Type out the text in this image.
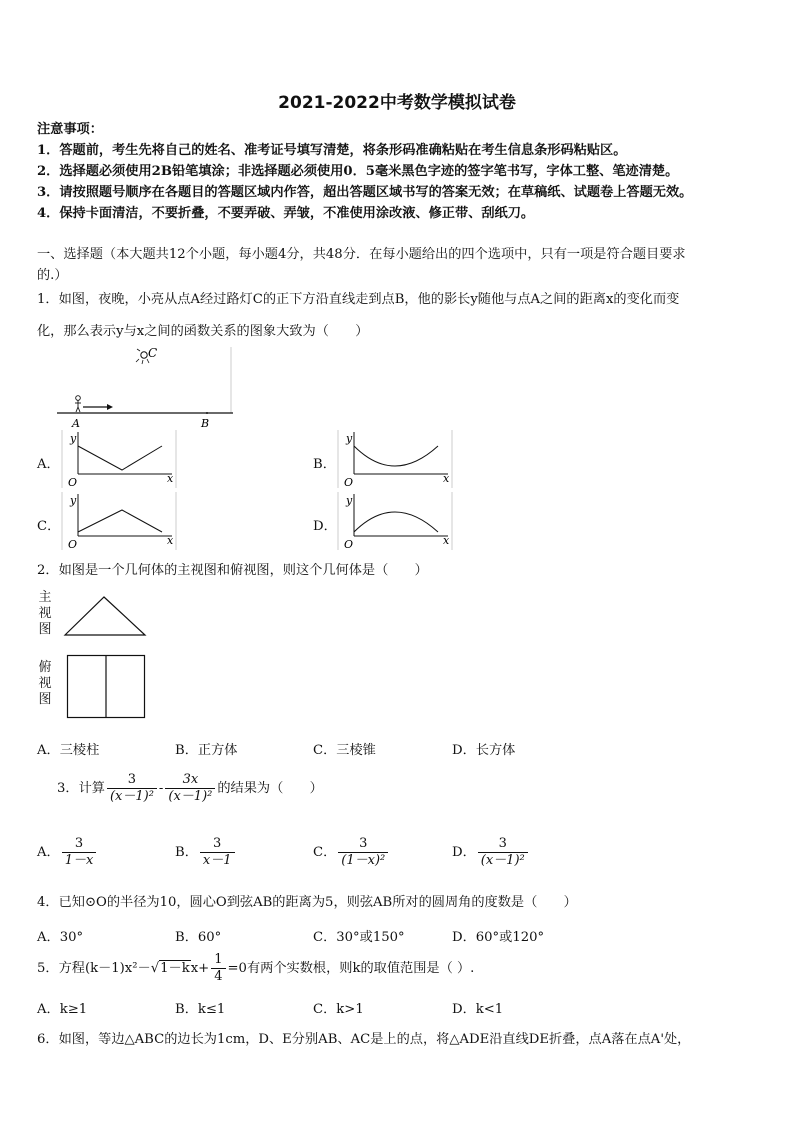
2021-2022中考数学模拟试卷
注意事项：
1．答题前，考生先将自己的姓名、准考证号填写清楚，将条形码准确粘贴在考生信息条形码粘贴区。
2．选择题必须使用2B铅笔填涂；非选择题必须使用0．5毫米黑色字迹的签字笔书写，字体工整、笔迹清楚。
3．请按照题号顺序在各题目的答题区域内作答，超出答题区域书写的答案无效；在草稿纸、试题卷上答题无效。
4．保持卡面清洁，不要折叠，不要弄破、弄皱，不准使用涂改液、修正带、刮纸刀。
一、选择题（本大题共12个小题，每小题4分，共48分．在每小题给出的四个选项中，只有一项是符合题目要求
的.）
1．如图，夜晚，小亮从点A经过路灯C的正下方沿直线走到点B，他的影长y随他与点A之间的距离x的变化而变
化，那么表示y与x之间的函数关系的图象大致为（　　）
C
A	B
A．
y
x
O
B．
y
x
O
C．
y
x
O
D．
y
x
O
2．如图是一个几何体的主视图和俯视图，则这个几何体是（　　）
主视图
俯视图
A．三棱柱	B．正方体	C．三棱锥	D．长方体
3．计算 $\frac{3}{\text{(x－1)²}} - \frac{3x}{\text{(x－1)²}}$ 的结果为（　　）
A． $\frac{3}{1-x}$	B． $\frac{3}{x-1}$	C． $\frac{3}{\text{(1－x)²}}$	D． $\frac{3}{\text{(x－1)²}}$
4．已知⊙O的半径为10，圆心O到弦AB的距离为5，则弦AB所对的圆周角的度数是（　　）
A．30°	B．60°	C．30°或150°	D．60°或120°
5．方程$(k-1)x^2-√1-kx+ \frac{1}{4} =0$有两个实数根，则k的取值范围是（ ）.
A．k≥1	B．k≤1	C．k>1	D．k<1
6．如图，等边△ABC的边长为1cm，D、E分别AB、AC是上的点，将△ADE沿直线DE折叠，点A落在点A'处，
